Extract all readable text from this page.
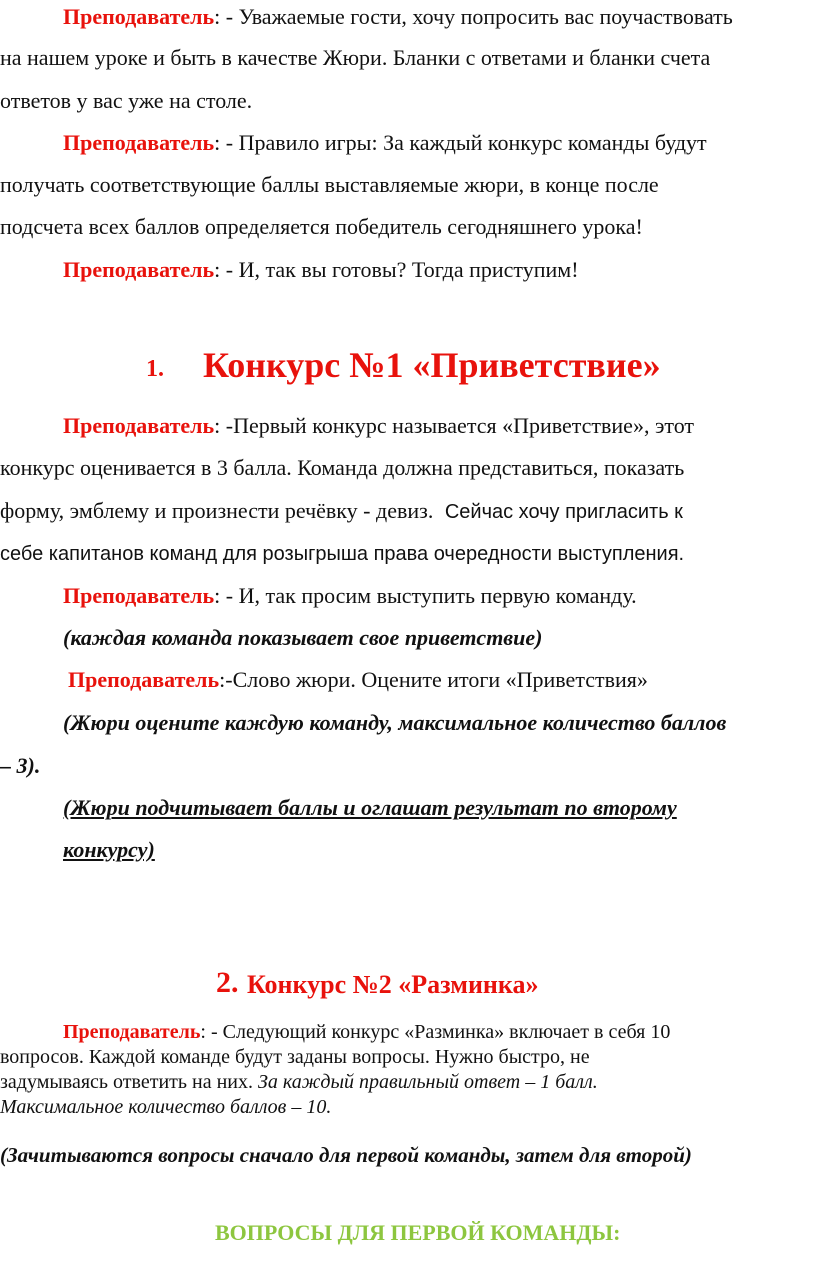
Преподаватель: - Уважаемые гости, хочу попросить вас поучаствовать
на нашем уроке и быть в качестве Жюри. Бланки с ответами и бланки счета
ответов у вас уже на столе.
Преподаватель: - Правило игры: За каждый конкурс команды будут
получать соответствующие баллы выставляемые жюри, в конце после
подсчета всех баллов определяется победитель сегодняшнего урока!
Преподаватель: - И, так вы готовы? Тогда приступим!
1. Конкурс №1 «Приветствие»
Преподаватель: -Первый конкурс называется «Приветствие», этот
конкурс оценивается в 3 балла. Команда должна представиться, показать
форму, эмблему и произнести речёвку - девиз. Сейчас хочу пригласить к
себе капитанов команд для розыгрыша права очередности выступления.
Преподаватель: - И, так просим выступить первую команду.
(каждая команда показывает свое приветствие)
Преподаватель:-Слово жюри. Оцените итоги «Приветствия»
(Жюри оцените каждую команду, максимальное количество баллов
– 3).
(Жюри подчитывает баллы и оглашат результат по второму
конкурсу)
2. Конкурс №2 «Разминка»
Преподаватель: - Следующий конкурс «Разминка» включает в себя 10
вопросов. Каждой команде будут заданы вопросы. Нужно быстро, не
задумываясь ответить на них. За каждый правильный ответ – 1 балл.
Максимальное количество баллов – 10.
(Зачитываются вопросы сначало для первой команды, затем для второй)
ВОПРОСЫ ДЛЯ ПЕРВОЙ КОМАНДЫ:
